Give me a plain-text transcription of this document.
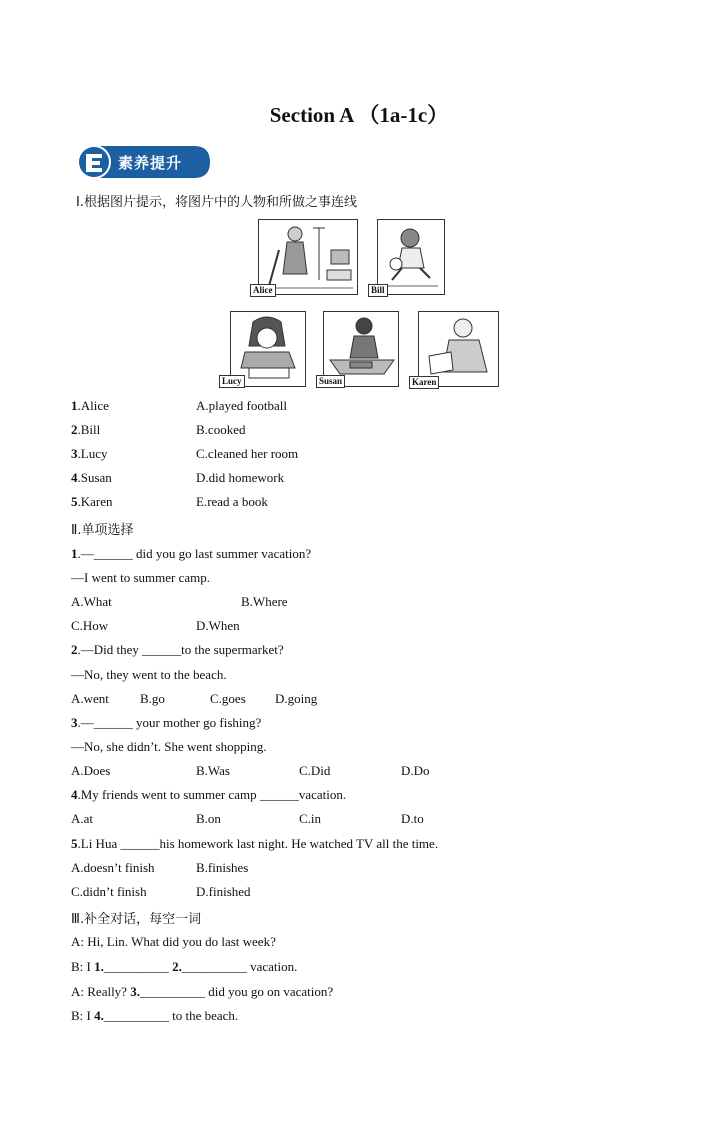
Section A （1a-1c）
素养提升
Ⅰ.根据图片提示，将图片中的人物和所做之事连线
Alice	Bill
Lucy	Susan	Karen
1.Alice	A.played football
2.Bill	B.cooked
3.Lucy	C.cleaned her room
4.Susan	D.did homework
5.Karen	E.read a book
Ⅱ.单项选择
1.—______ did you go last summer vacation?
—I went to summer camp.
A.What	B.Where
C.How	D.When
2.—Did they ______to the supermarket?
—No, they went to the beach.
A.went B.go	C.goes D.going
3.—______ your mother go fishing?
—No, she didn’t. She went shopping.
A.Does	B.Was	C.Did	D.Do
4.My friends went to summer camp ______vacation.
A.at	B.on	C.in	D.to
5.Li Hua ______his homework last night. He watched TV all the time.
A.doesn’t finish	B.finishes
C.didn’t finish	D.finished
Ⅲ.补全对话，每空一词
A: Hi, Lin. What did you do last week?
B: I 1.__________ 2.__________ vacation.
A: Really? 3.__________ did you go on vacation?
B: I 4.__________ to the beach.
